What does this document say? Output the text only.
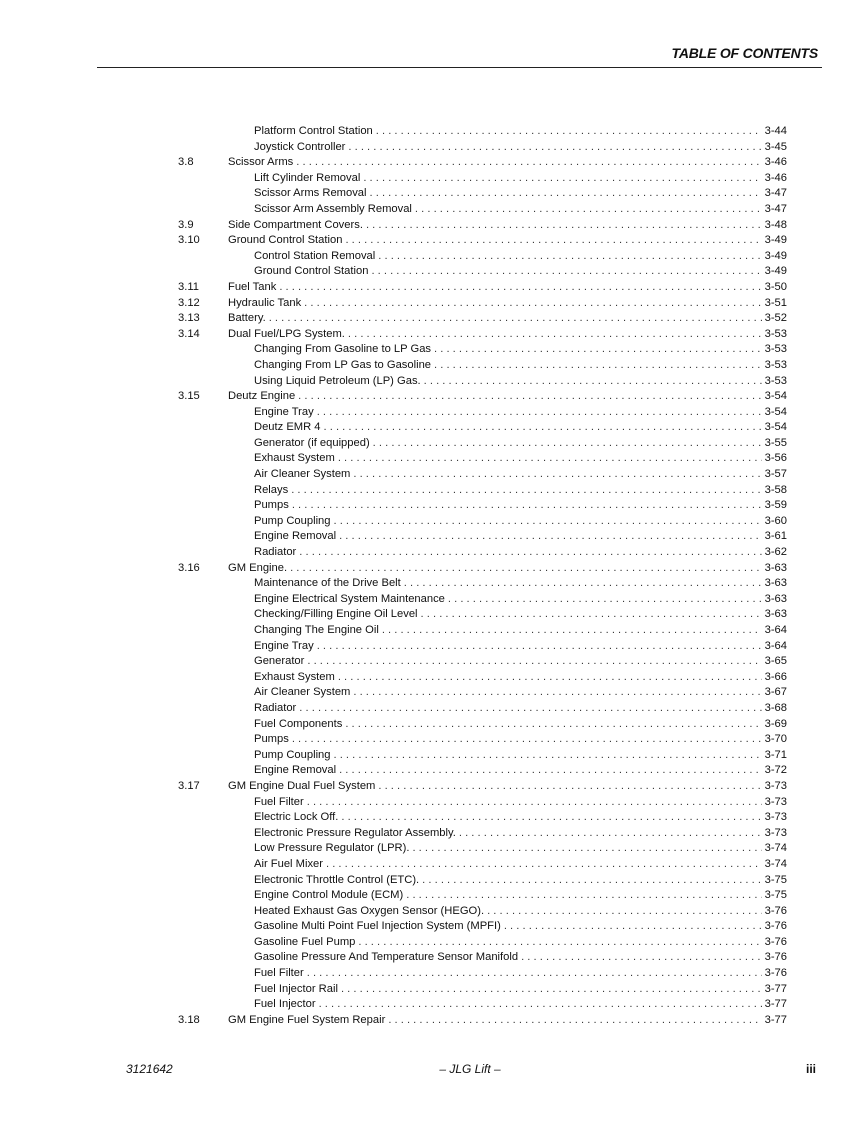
TABLE OF CONTENTS
Platform Control Station . . .	3-44
Joystick Controller . . .	3-45
3.8	Scissor Arms . . .	3-46
Lift Cylinder Removal . . .	3-46
Scissor Arms Removal . . .	3-47
Scissor Arm Assembly Removal . . .	3-47
3.9	Side Compartment Covers. . . .	3-48
3.10	Ground Control Station . . .	3-49
Control Station Removal . . .	3-49
Ground Control Station . . .	3-49
3.11	Fuel Tank . . .	3-50
3.12	Hydraulic Tank . . .	3-51
3.13	Battery. . . .	3-52
3.14	Dual Fuel/LPG System. . . .	3-53
Changing From Gasoline to LP Gas . . .	3-53
Changing From LP Gas to Gasoline . . .	3-53
Using Liquid Petroleum (LP) Gas. . . .	3-53
3.15	Deutz Engine . . .	3-54
Engine Tray . . .	3-54
Deutz EMR 4 . . .	3-54
Generator (if equipped) . . .	3-55
Exhaust System . . .	3-56
Air Cleaner System . . .	3-57
Relays . . .	3-58
Pumps . . .	3-59
Pump Coupling . . .	3-60
Engine Removal . . .	3-61
Radiator . . .	3-62
3.16	GM Engine. . . .	3-63
Maintenance of the Drive Belt . . .	3-63
Engine Electrical System Maintenance . . .	3-63
Checking/Filling Engine Oil Level . . .	3-63
Changing The Engine Oil . . .	3-64
Engine Tray . . .	3-64
Generator . . .	3-65
Exhaust System . . .	3-66
Air Cleaner System . . .	3-67
Radiator . . .	3-68
Fuel Components . . .	3-69
Pumps . . .	3-70
Pump Coupling . . .	3-71
Engine Removal . . .	3-72
3.17	GM Engine Dual Fuel System . . .	3-73
Fuel Filter . . .	3-73
Electric Lock Off. . . .	3-73
Electronic Pressure Regulator Assembly. . . .	3-73
Low Pressure Regulator (LPR). . . .	3-74
Air Fuel Mixer . . .	3-74
Electronic Throttle Control (ETC). . . .	3-75
Engine Control Module (ECM) . . .	3-75
Heated Exhaust Gas Oxygen Sensor (HEGO). . . .	3-76
Gasoline Multi Point Fuel Injection System (MPFI) . . .	3-76
Gasoline Fuel Pump . . .	3-76
Gasoline Pressure And Temperature Sensor Manifold . . .	3-76
Fuel Filter . . .	3-76
Fuel Injector Rail . . .	3-77
Fuel Injector . . .	3-77
3.18	GM Engine Fuel System Repair . . .	3-77
3121642	– JLG Lift –	iii
